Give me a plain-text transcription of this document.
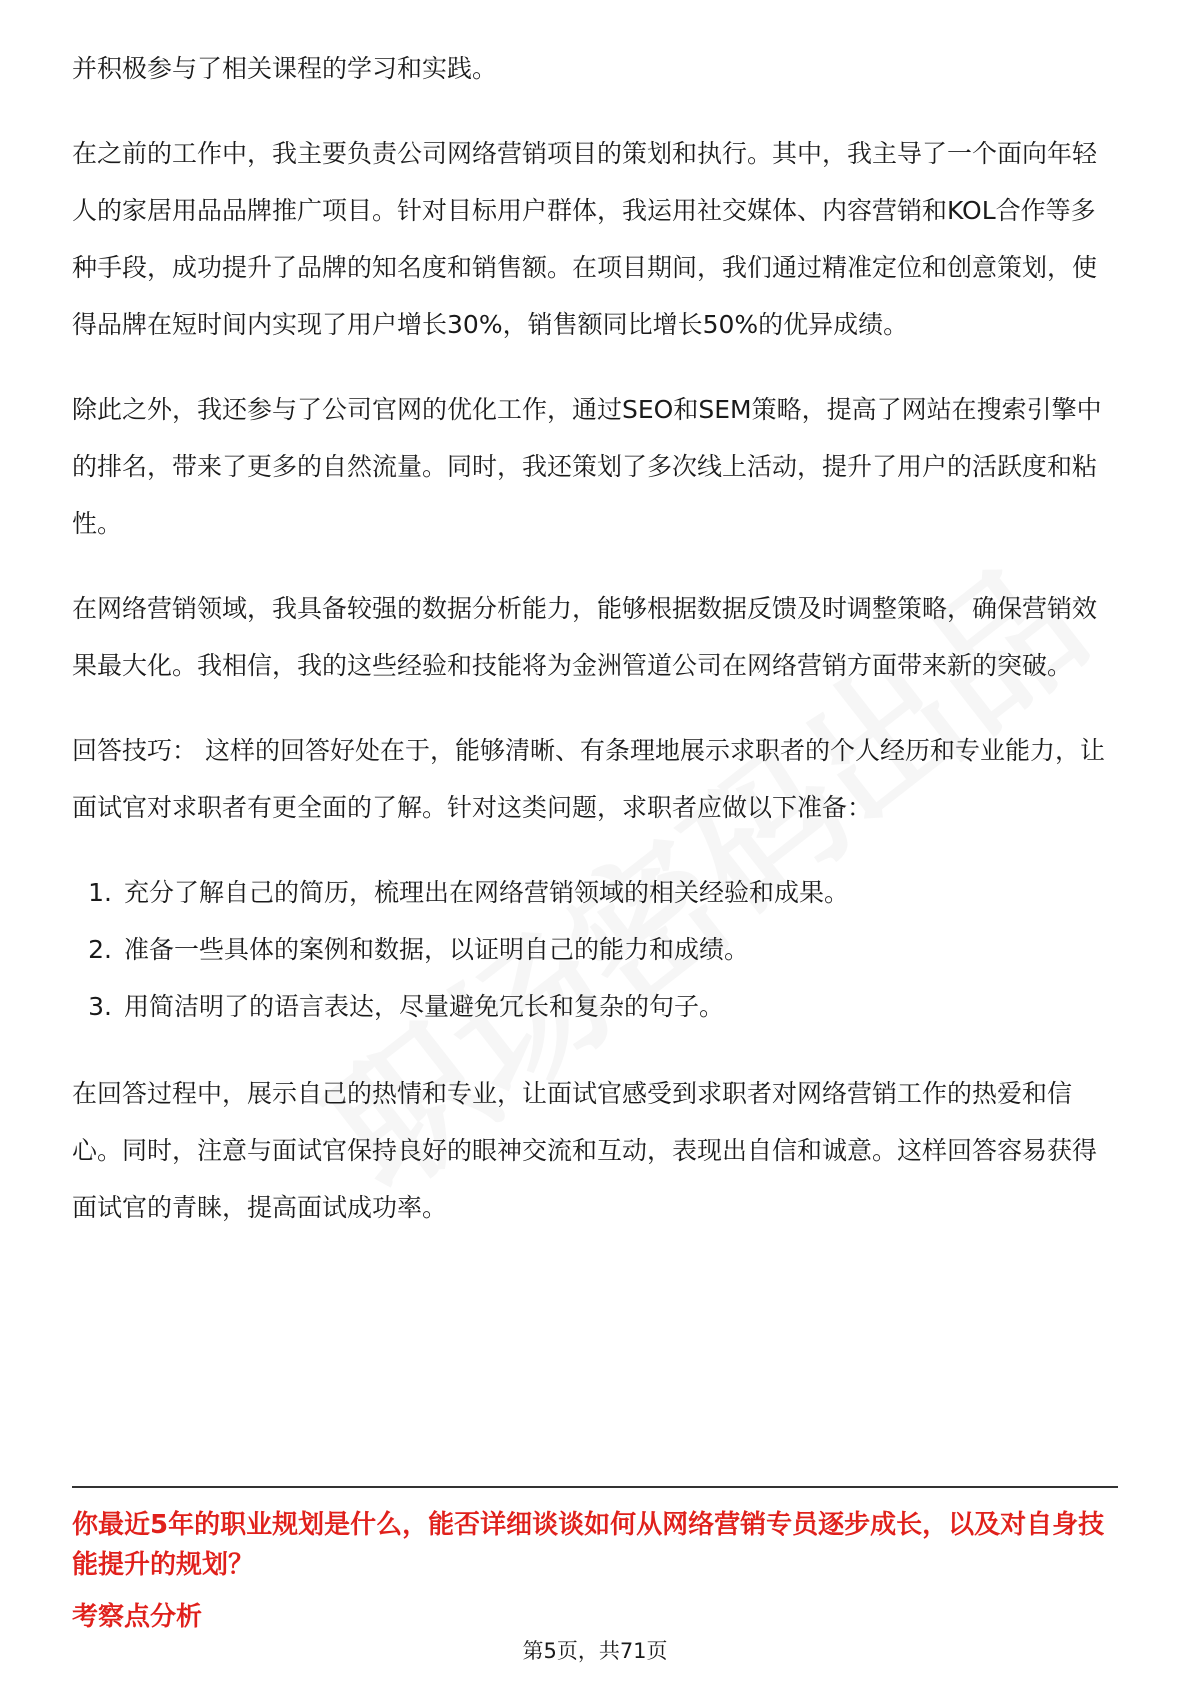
并积极参与了相关课程的学习和实践。

在之前的工作中，我主要负责公司网络营销项目的策划和执行。其中，我主导了一个面向年轻人的家居用品品牌推广项目。针对目标用户群体，我运用社交媒体、内容营销和KOL合作等多种手段，成功提升了品牌的知名度和销售额。在项目期间，我们通过精准定位和创意策划，使得品牌在短时间内实现了用户增长30%，销售额同比增长50%的优异成绩。

除此之外，我还参与了公司官网的优化工作，通过SEO和SEM策略，提高了网站在搜索引擎中的排名，带来了更多的自然流量。同时，我还策划了多次线上活动，提升了用户的活跃度和粘性。

在网络营销领域，我具备较强的数据分析能力，能够根据数据反馈及时调整策略，确保营销效果最大化。我相信，我的这些经验和技能将为金洲管道公司在网络营销方面带来新的突破。

回答技巧： 这样的回答好处在于，能够清晰、有条理地展示求职者的个人经历和专业能力，让面试官对求职者有更全面的了解。针对这类问题，求职者应做以下准备：

1. 充分了解自己的简历，梳理出在网络营销领域的相关经验和成果。
2. 准备一些具体的案例和数据，以证明自己的能力和成绩。
3. 用简洁明了的语言表达，尽量避免冗长和复杂的句子。

在回答过程中，展示自己的热情和专业，让面试官感受到求职者对网络营销工作的热爱和信心。同时，注意与面试官保持良好的眼神交流和互动，表现出自信和诚意。这样回答容易获得面试官的青睐，提高面试成功率。

你最近5年的职业规划是什么，能否详细谈谈如何从网络营销专员逐步成长，以及对自身技能提升的规划？
考察点分析
第5页，共71页
